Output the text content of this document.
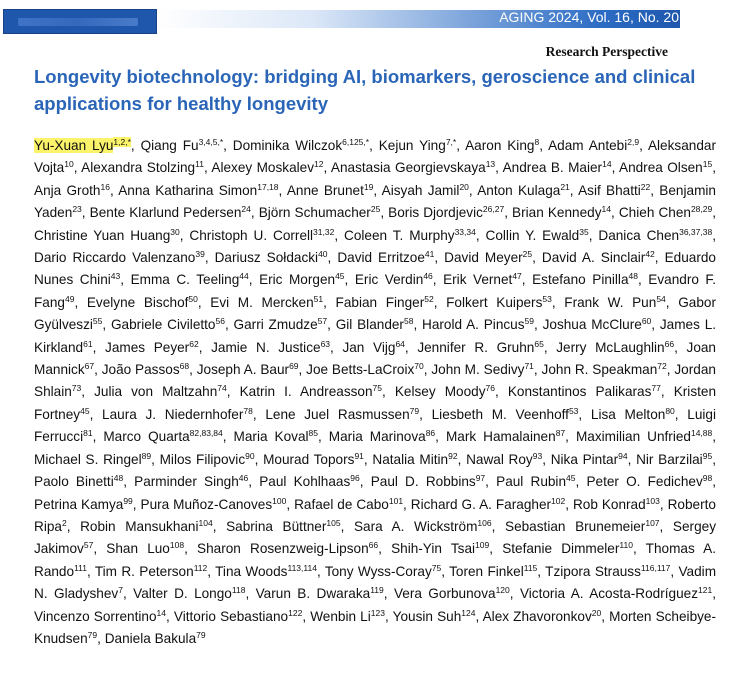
AGING 2024, Vol. 16, No. 20
Research Perspective
Longevity biotechnology: bridging AI, biomarkers, geroscience and clinical applications for healthy longevity
Yu-Xuan Lyu$^{1,2,*}$, Qiang $Fu^{3,4,5,*}$, Dominika Wilczok$^{6,125,*}$, Kejun Ying$^{7,*}$, Aaron King$^8$, Adam Antebi$^{2,9}$, Aleksandar Vojta$^{10}$, Alexandra Stolzing$^{11}$, Alexey Moskalev$^{12}$, Anastasia Georgievskaya$^{13}$, Andrea B. Maier$^{14}$, Andrea Olsen$^{15}$, Anja Groth$^{16}$, Anna Katharina Simon$^{17,18}$, Anne Brunet$^{19}$, Aisyah Jamil$^{20}$, Anton Kulaga$^{21}$, Asif Bhatti$^{22}$, Benjamin Yaden$^{23}$, Bente Klarlund Pedersen$^{24}$, Björn Schumacher$^{25}$, Boris Djordjevic$^{26,27}$, Brian Kennedy$^{14}$, Chieh Chen$^{28,29}$, Christine Yuan Huang$^{30}$, Christoph U. Correll$^{31,32}$, Coleen T. Murphy$^{33,34}$, Collin Y. Ewald$^{35}$, Danica Chen$^{36,37,38}$, Dario Riccardo Valenzano$^{39}$, Dariusz Sołdacki$^{40}$, David Erritzoe$^{41}$, David Meyer$^{25}$, David A. Sinclair$^{42}$, Eduardo Nunes Chini$^{43}$, Emma C. Teeling$^{44}$, Eric Morgen$^{45}$, Eric Verdin$^{46}$, Erik Vernet$^{47}$, Estefano Pinilla$^{48}$, Evandro F. Fang$^{49}$, Evelyne Bischof$^{50}$, Evi M. Mercken$^{51}$, Fabian Finger$^{52}$, Folkert Kuipers$^{53}$, Frank W. Pun$^{54}$, Gabor Gyülveszi$^{55}$, Gabriele Civiletto$^{56}$, Garri Zmudze$^{57}$, Gil Blander$^{58}$, Harold A. Pincus$^{59}$, Joshua McClure$^{60}$, James L. Kirkland$^{61}$, James Peyer$^{62}$, Jamie N. Justice$^{63}$, Jan Vijg$^{64}$, Jennifer R. Gruhn$^{65}$, Jerry McLaughlin$^{66}$, Joan Mannick$^{67}$, João Passos$^{68}$, Joseph A. Baur$^{69}$, Joe Betts-LaCroix$^{70}$, John M. Sedivy$^{71}$, John R. Speakman$^{72}$, Jordan Shlain$^{73}$, Julia von Maltzahn$^{74}$, Katrin I. Andreasson$^{75}$, Kelsey Moody$^{76}$, Konstantinos Palikaras$^{77}$, Kristen Fortney$^{45}$, Laura J. Niedernhofer$^{78}$, Lene Juel Rasmussen$^{79}$, Liesbeth M. Veenhoff$^{53}$, Lisa Melton$^{80}$, Luigi Ferrucci$^{81}$, Marco Quarta$^{82,83,84}$, Maria Koval$^{85}$, Maria Marinova$^{86}$, Mark Hamalainen$^{87}$, Maximilian Unfried$^{14,88}$, Michael S. Ringel$^{89}$, Milos Filipovic$^{90}$, Mourad Topors$^{91}$, Natalia Mitin$^{92}$, Nawal Roy$^{93}$, Nika Pintar$^{94}$, Nir Barzilai$^{95}$, Paolo Binetti$^{48}$, Parminder Singh$^{46}$, Paul Kohlhaas$^{96}$, Paul D. Robbins$^{97}$, Paul Rubin$^{45}$, Peter O. Fedichev$^{98}$, Petrina Kamya$^{99}$, Pura Muñoz-Canoves$^{100}$, Rafael de Cabo$^{101}$, Richard G. A. Faragher$^{102}$, Rob Konrad$^{103}$, Roberto Ripa$^2$, Robin Mansukhani$^{104}$, Sabrina Büttner$^{105}$, Sara A. Wickström$^{106}$, Sebastian Brunemeier$^{107}$, Sergey Jakimov$^{57}$, Shan Luo$^{108}$, Sharon Rosenzweig-Lipson$^{66}$, Shih-Yin Tsai$^{109}$, Stefanie Dimmeler$^{110}$, Thomas A. Rando$^{111}$, Tim R. Peterson$^{112}$, Tina Woods$^{113,114}$, Tony Wyss-Coray$^{75}$, Toren Finkel$^{115}$, Tzipora Strauss$^{116,117}$, Vadim N. Gladyshev$^7$, Valter D. Longo$^{118}$, Varun B. Dwaraka$^{119}$, Vera Gorbunova$^{120}$, Victoria A. Acosta-Rodríguez$^{121}$, Vincenzo Sorrentino$^{14}$, Vittorio Sebastiano$^{122}$, Wenbin Li$^{123}$, Yousin Suh$^{124}$, Alex Zhavoronkov$^{20}$, Morten Scheibye-Knudsen$^{79}$, Daniela Bakula$^{79}$
